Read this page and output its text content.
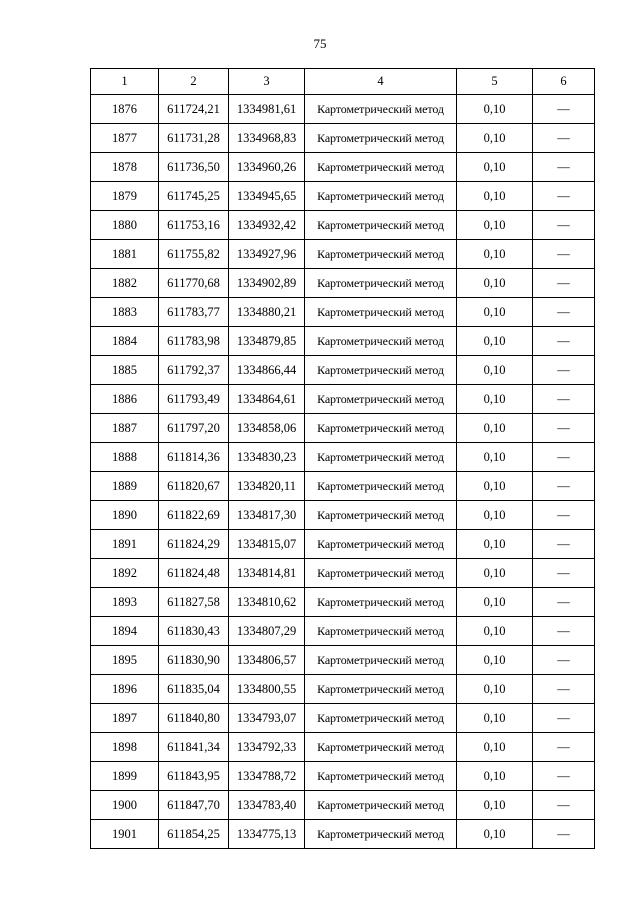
75
1	2	3	4	5	6
1876	611724,21	1334981,61	Картометрический метод	0,10	—
1877	611731,28	1334968,83	Картометрический метод	0,10	—
1878	611736,50	1334960,26	Картометрический метод	0,10	—
1879	611745,25	1334945,65	Картометрический метод	0,10	—
1880	611753,16	1334932,42	Картометрический метод	0,10	—
1881	611755,82	1334927,96	Картометрический метод	0,10	—
1882	611770,68	1334902,89	Картометрический метод	0,10	—
1883	611783,77	1334880,21	Картометрический метод	0,10	—
1884	611783,98	1334879,85	Картометрический метод	0,10	—
1885	611792,37	1334866,44	Картометрический метод	0,10	—
1886	611793,49	1334864,61	Картометрический метод	0,10	—
1887	611797,20	1334858,06	Картометрический метод	0,10	—
1888	611814,36	1334830,23	Картометрический метод	0,10	—
1889	611820,67	1334820,11	Картометрический метод	0,10	—
1890	611822,69	1334817,30	Картометрический метод	0,10	—
1891	611824,29	1334815,07	Картометрический метод	0,10	—
1892	611824,48	1334814,81	Картометрический метод	0,10	—
1893	611827,58	1334810,62	Картометрический метод	0,10	—
1894	611830,43	1334807,29	Картометрический метод	0,10	—
1895	611830,90	1334806,57	Картометрический метод	0,10	—
1896	611835,04	1334800,55	Картометрический метод	0,10	—
1897	611840,80	1334793,07	Картометрический метод	0,10	—
1898	611841,34	1334792,33	Картометрический метод	0,10	—
1899	611843,95	1334788,72	Картометрический метод	0,10	—
1900	611847,70	1334783,40	Картометрический метод	0,10	—
1901	611854,25	1334775,13	Картометрический метод	0,10	—
